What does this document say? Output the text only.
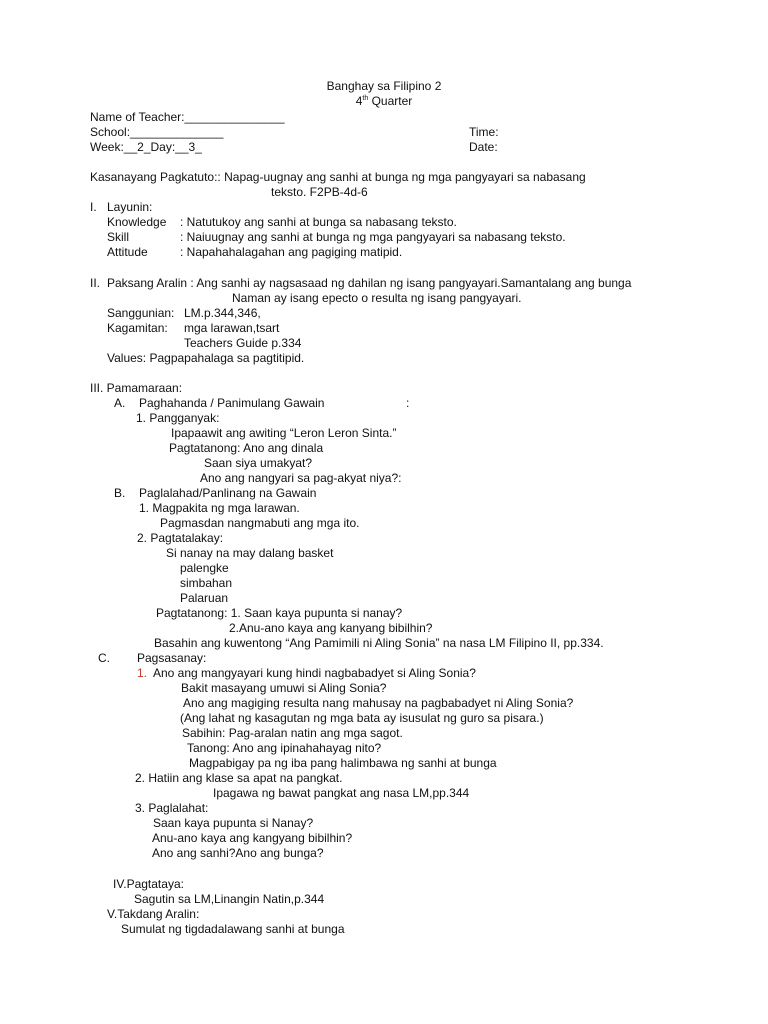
Banghay sa Filipino 2
4th Quarter
Name of Teacher:_______________
School:______________	Time:
Week:__2_Day:__3_	Date:
Kasanayang Pagkatuto:: Napag-uugnay ang sanhi at bunga ng mga pangyayari sa nabasang
teksto. F2PB-4d-6
I. Layunin:
Knowledge : Natutukoy ang sanhi at bunga sa nabasang teksto.
Skill	: Naiuugnay ang sanhi at bunga ng mga pangyayari sa nabasang teksto.
Attitude	: Napahahalagahan ang pagiging matipid.
II. Paksang Aralin : Ang sanhi ay nagsasaad ng dahilan ng isang pangyayari.Samantalang ang bunga
Naman ay isang epecto o resulta ng isang pangyayari.
Sanggunian: LM.p.344,346,
Kagamitan: mga larawan,tsart
Teachers Guide p.334
Values: Pagpapahalaga sa pagtitipid.
III. Pamamaraan:
A. Paghahanda / Panimulang Gawain	:
1. Pangganyak:
Ipapaawit ang awiting “Leron Leron Sinta.”
Pagtatanong: Ano ang dinala
Saan siya umakyat?
Ano ang nangyari sa pag-akyat niya?:
B. Paglalahad/Panlinang na Gawain
1. Magpakita ng mga larawan.
Pagmasdan nangmabuti ang mga ito.
2. Pagtatalakay:
Si nanay na may dalang basket
palengke
simbahan
Palaruan
Pagtatanong: 1. Saan kaya pupunta si nanay?
2.Anu-ano kaya ang kanyang bibilhin?
Basahin ang kuwentong “Ang Pamimili ni Aling Sonia” na nasa LM Filipino II, pp.334.
C. Pagsasanay:
1. Ano ang mangyayari kung hindi nagbabadyet si Aling Sonia?
Bakit masayang umuwi si Aling Sonia?
Ano ang magiging resulta nang mahusay na pagbabadyet ni Aling Sonia?
(Ang lahat ng kasagutan ng mga bata ay isusulat ng guro sa pisara.)
Sabihin: Pag-aralan natin ang mga sagot.
Tanong: Ano ang ipinahahayag nito?
Magpabigay pa ng iba pang halimbawa ng sanhi at bunga
2. Hatiin ang klase sa apat na pangkat.
Ipagawa ng bawat pangkat ang nasa LM,pp.344
3. Paglalahat:
Saan kaya pupunta si Nanay?
Anu-ano kaya ang kangyang bibilhin?
Ano ang sanhi?Ano ang bunga?
IV.Pagtataya:
Sagutin sa LM,Linangin Natin,p.344
V.Takdang Aralin:
Sumulat ng tigdadalawang sanhi at bunga
